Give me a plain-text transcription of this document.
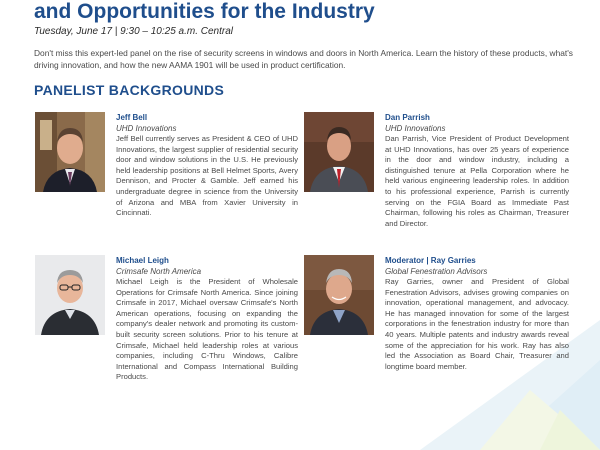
and Opportunities for the Industry
Tuesday, June 17 | 9:30 – 10:25 a.m. Central

Don't miss this expert-led panel on the rise of security screens in windows and doors in North America. Learn the history of these products, what's driving innovation, and how the new AAMA 1901 will be used in product certification.

PANELIST BACKGROUNDS
Jeff Bell
UHD Innovations

Jeff Bell currently serves as President & CEO of UHD Innovations, the largest supplier of residential security door and window solutions in the U.S. He previously held leadership positions at Bell Helmet Sports, Avery Dennison, and Procter & Gamble. Jeff earned his undergraduate degree in science from the University of Arizona and MBA from Xavier University in Cincinnati.

Dan Parrish
UHD Innovations

Dan Parrish, Vice President of Product Development at UHD Innovations, has over 25 years of experience in the door and window industry, including a distinguished tenure at Pella Corporation where he held various engineering leadership roles. In addition to his professional experience, Parrish is currently serving on the FGIA Board as Immediate Past Chairman, following his roles as Chairman, Treasurer and Director.

Michael Leigh
Crimsafe North America

Michael Leigh is the President of Wholesale Operations for Crimsafe North America. Since joining Crimsafe in 2017, Michael oversaw Crimsafe's North American operations, focusing on expanding the company's dealer network and promoting its custom-built security screen solutions. Prior to his tenure at Crimsafe, Michael held leadership roles at various companies, including C-Thru Windows, Calibre International and Compass International Building Products.

Moderator | Ray Garries
Global Fenestration Advisors

Ray Garries, owner and President of Global Fenestration Advisors, advises growing companies on innovation, operational management, and advocacy. He has managed innovation for some of the largest corporations in the fenestration industry for more than 40 years. Multiple patents and industry awards reveal some of the appreciation for his work. Ray has also led the Association as Board Chair, Treasurer and longtime board member.
